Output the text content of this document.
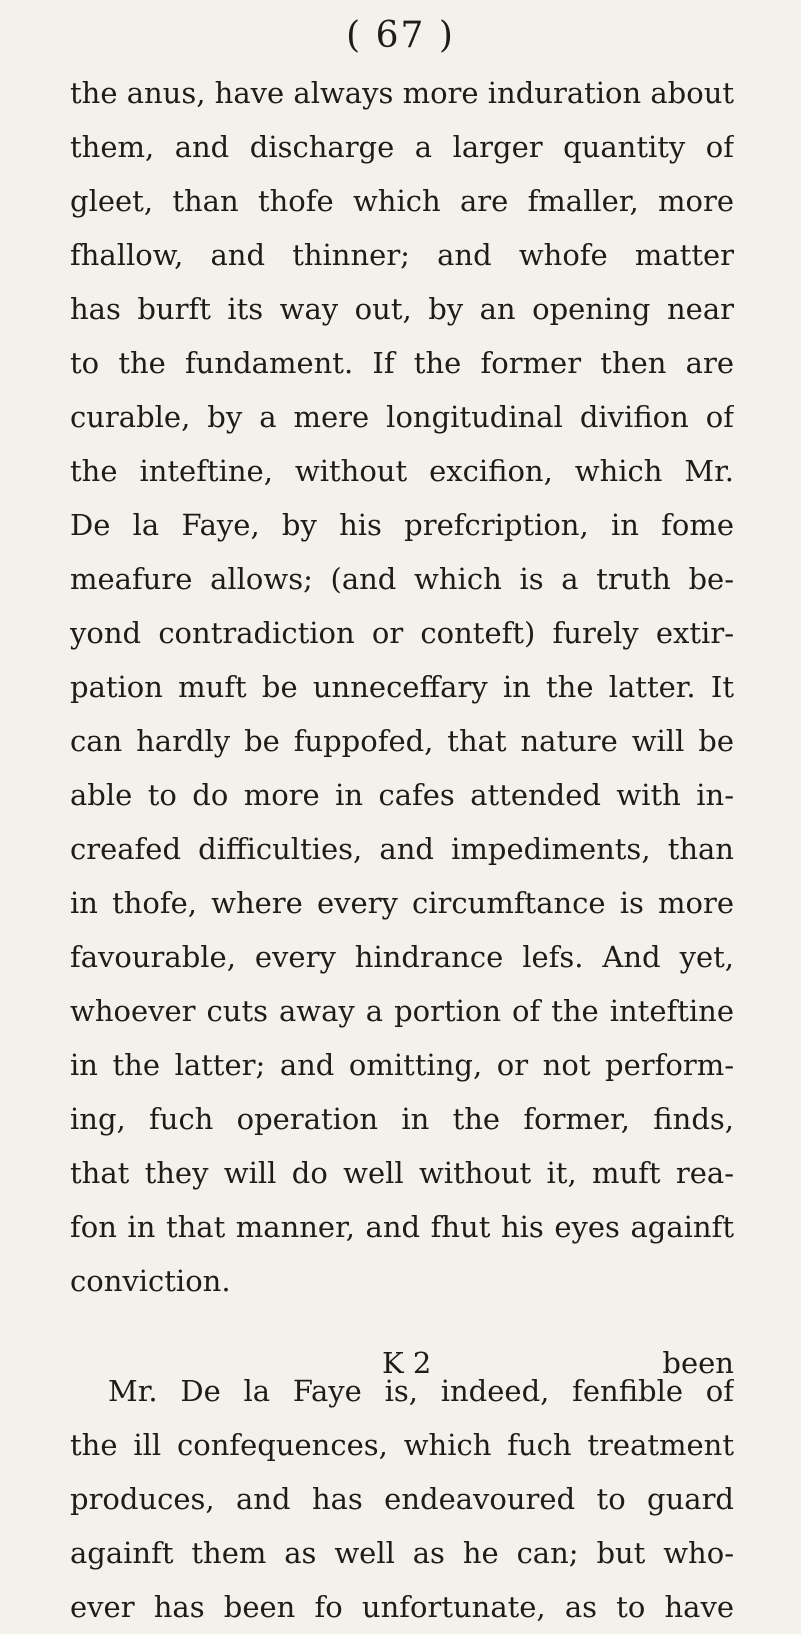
( 67 )
the anus, have always more induration about
them, and discharge a larger quantity of
gleet, than thofe which are fmaller, more
fhallow, and thinner; and whofe matter
has burft its way out, by an opening near
to the fundament. If the former then are
curable, by a mere longitudinal divifion of
the inteftine, without excifion, which Mr.
De la Faye, by his prefcription, in fome
meafure allows; (and which is a truth be-
yond contradiction or conteft) furely extir-
pation muft be unneceffary in the latter. It
can hardly be fuppofed, that nature will be
able to do more in cafes attended with in-
creafed difficulties, and impediments, than
in thofe, where every circumftance is more
favourable, every hindrance lefs. And yet,
whoever cuts away a portion of the inteftine
in the latter; and omitting, or not perform-
ing, fuch operation in the former, finds,
that they will do well without it, muft rea-
fon in that manner, and fhut his eyes againft
conviction.
Mr. De la Faye is, indeed, fenfible of
the ill confequences, which fuch treatment
produces, and has endeavoured to guard
againft them as well as he can; but who-
ever has been fo unfortunate, as to have
K 2	been
